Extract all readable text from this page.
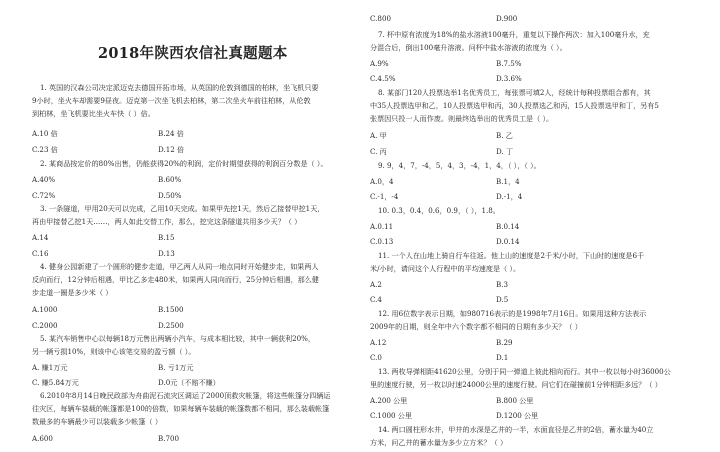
2018年陕西农信社真题题本
1. 英国的汉森公司决定派迈克去德国开拓市场，从英国的伦敦到德国的柏林，坐飞机只要
9小时，坐火车却需要9昼夜。迈克第一次坐飞机去柏林，第二次坐火车前往柏林，从伦敦
到柏林，坐飞机要比坐火车快（ ）倍。
A.10 倍	B.24 倍
C.23 倍	D.12 倍
2. 某商品按定价的80%出售，仍能获得20%的利润，定价时期望获得的利润百分数是（ ）。
A.40%	B.60%
C.72%	D.50%
3. 一条隧道，甲用20天可以完成，乙用10天完成。如果甲先挖1天，然后乙接替甲挖1天，
再由甲接替乙挖1天……，两人如此交替工作，那么，挖完这条隧道共用多少天？（ ）
A.14	B.15
C.16	D.13
4. 健身公园新建了一个圆形的健步走道，甲乙两人从同一地点同时开始健步走，如果两人
反向而行，12分钟后相遇，甲比乙多走480米，如果两人同向而行，25分钟后相遇，那么健
步走道一圈是多少米（ ）
A.1000	B.1500
C.2000	D.2500
5. 某汽车销售中心以每辆18万元售出两辆小汽车，与成本相比较，其中一辆获利20%，
另一辆亏损10%，则该中心该笔交易的盈亏额（ ）。
A. 赚1万元	B. 亏1万元
C. 赚5.84万元	D.0元（不赔不赚）
6.2010年8月14日晚民政部为舟曲泥石流灾区调运了2000顶救灾帐篷，将这些帐篷分四辆运
往灾区，每辆车装载的帐篷都是100的倍数，如果每辆车装载的帐篷数都不相同，那么装载帐篷
数最多的车辆最少可以装载多少帐篷（ ）
A.600	B.700
C.800	D.900
7. 杯中原有浓度为18%的盐水溶液100毫升，重复以下操作两次：加入100毫升水，充
分混合后，倒出100毫升溶液。问杯中盐水溶液的浓度为（ ）。
A.9%	B.7.5%
C.4.5%	D.3.6%
8. 某部门120人投票选举1名优秀员工，每张票可填2人，经统计每种投票组合都有，其
中35人投票选甲和乙，10人投票选甲和丙，30人投票选乙和丙，15人投票选甲和丁，另有5
张票因只投一人而作废。则最终选举出的优秀员工是（ ）。
A. 甲	B. 乙
C. 丙	D. 丁
9. 9，4，7，-4，5，4，3，-4，1，4，（ ），（ ）。
A.0，4	B.1，4
C.-1，-4	D.-1，4
10. 0.3，0.4，0.6，0.9，（ ），1.8。
A.0.11	B.0.14
C.0.13	D.0.14
11. 一个人在山地上骑自行车往返。他上山的速度是2千米/小时，下山时的速度是6千
米/小时，请问这个人行程中的平均速度是（ ）。
A.2	B.3
C.4	D.5
12. 用6位数字表示日期，如980716表示的是1998年7月16日。如果用这种方法表示
2009年的日期，则全年中六个数字都不相同的日期有多少天？（ ）
A.12	B.29
C.0	D.1
13. 两枚导弹相距41620公里，分别于同一弹道上彼此相向而行。其中一枚以每小时36000公
里的速度行驶，另一枚以时速24000公里的速度行驶。问它们在碰撞前1分钟相距多远？（ ）
A.200 公里	B.800 公里
C.1000 公里	D.1200 公里
14. 两口圆柱形水井，甲井的水深是乙井的一半，水面直径是乙井的2倍，蓄水量为40立
方米，问乙井的蓄水量为多少立方米？（ ）
